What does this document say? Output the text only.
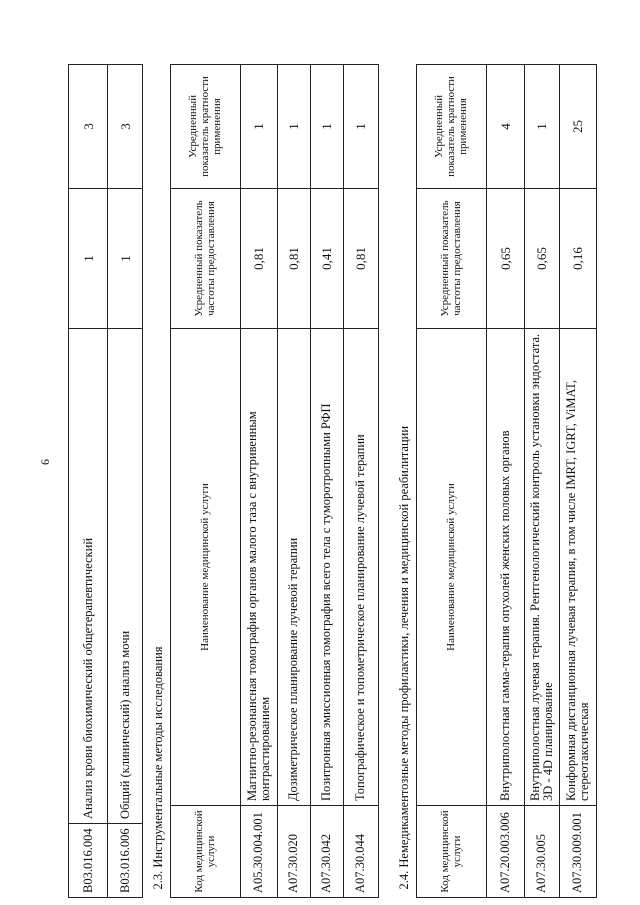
6
B03.016.004	Анализ крови биохимический общетерапевтический	1	3
B03.016.006	Общий (клинический) анализ мочи	1	3
2.3. Инструментальные методы исследования			
Код медицинской услуги	Наименование медицинской услуги	Усредненный показатель частоты предоставления	Усредненный показатель кратности применения
A05.30.004.001	Магнитно-резонансная томография органов малого таза с внутривенным контрастированием	0,81	1
A07.30.020	Дозиметрическое планирование лучевой терапии	0,81	1
A07.30.042	Позитронная эмиссионная томография всего тела с туморотропными РФП	0,41	1
A07.30.044	Топографическое и топометрическое планирование лучевой терапии	0,81	1
2.4. Немедикаментозные методы профилактики, лечения и медицинской реабилитации			
Код медицинской услуги	Наименование медицинской услуги	Усредненный показатель частоты предоставления	Усредненный показатель кратности применения
A07.20.003.006	Внутриполостная гамма-терапия опухолей женских половых органов	0,65	4
A07.30.005	Внутриполостная лучевая терапия. Рентгенологический контроль установки эндостата. 3D - 4D планирование	0,65	1
A07.30.009.001	Конформная дистанционная лучевая терапия, в том числе IMRT, IGRT, ViMAT, стереотаксическая	0,16	25
